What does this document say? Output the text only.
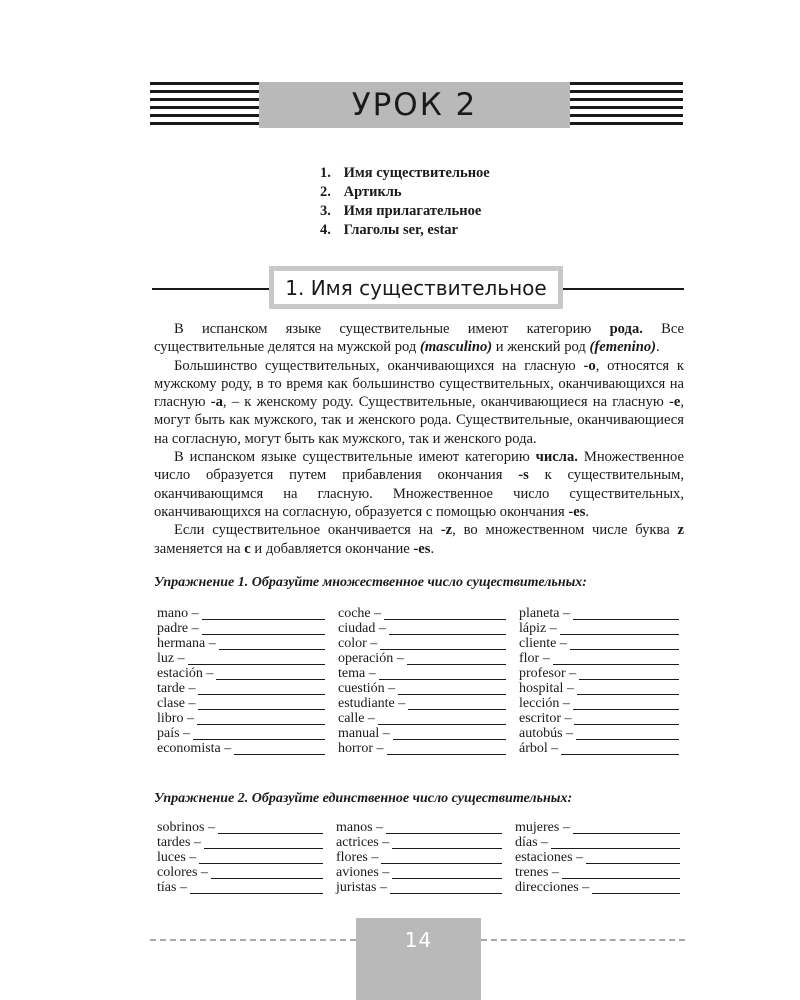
УРОК 2
1. Имя существительное
2. Артикль
3. Имя прилагательное
4. Глаголы ser, estar
1. Имя существительное

В испанском языке существительные имеют категорию рода. Все существительные делятся на мужской род (masculino) и женский род (femenino).

Большинство существительных, оканчивающихся на гласную -о, относятся к мужскому роду, в то время как большинство существительных, оканчивающихся на гласную -а, – к женскому роду. Существительные, оканчивающиеся на гласную -е, могут быть как мужского, так и женского рода. Существительные, оканчивающиеся на согласную, могут быть как мужского, так и женского рода.

В испанском языке существительные имеют категорию числа. Множественное число образуется путем прибавления окончания -s к существительным, оканчивающимся на гласную. Множественное число существительных, оканчивающихся на согласную, образуется с помощью окончания -es.

Если существительное оканчивается на -z, во множественном числе буква z заменяется на c и добавляется окончание -es.

Упражнение 1. Образуйте множественное число существительных:
mano –	coche –	planeta –
padre –	ciudad –	lápiz –
hermana –	color –	cliente –
luz –	operación –	flor –
estación –	tema –	profesor –
tarde –	cuestión –	hospital –
clase –	estudiante –	lección –
libro –	calle –	escritor –
país –	manual –	autobús –
economista –	horror –	árbol –
Упражнение 2. Образуйте единственное число существительных:
sobrinos –	manos –	mujeres –
tardes –	actrices –	días –
luces –	flores –	estaciones –
colores –	aviones –	trenes –
tías –	juristas –	direcciones –
14
